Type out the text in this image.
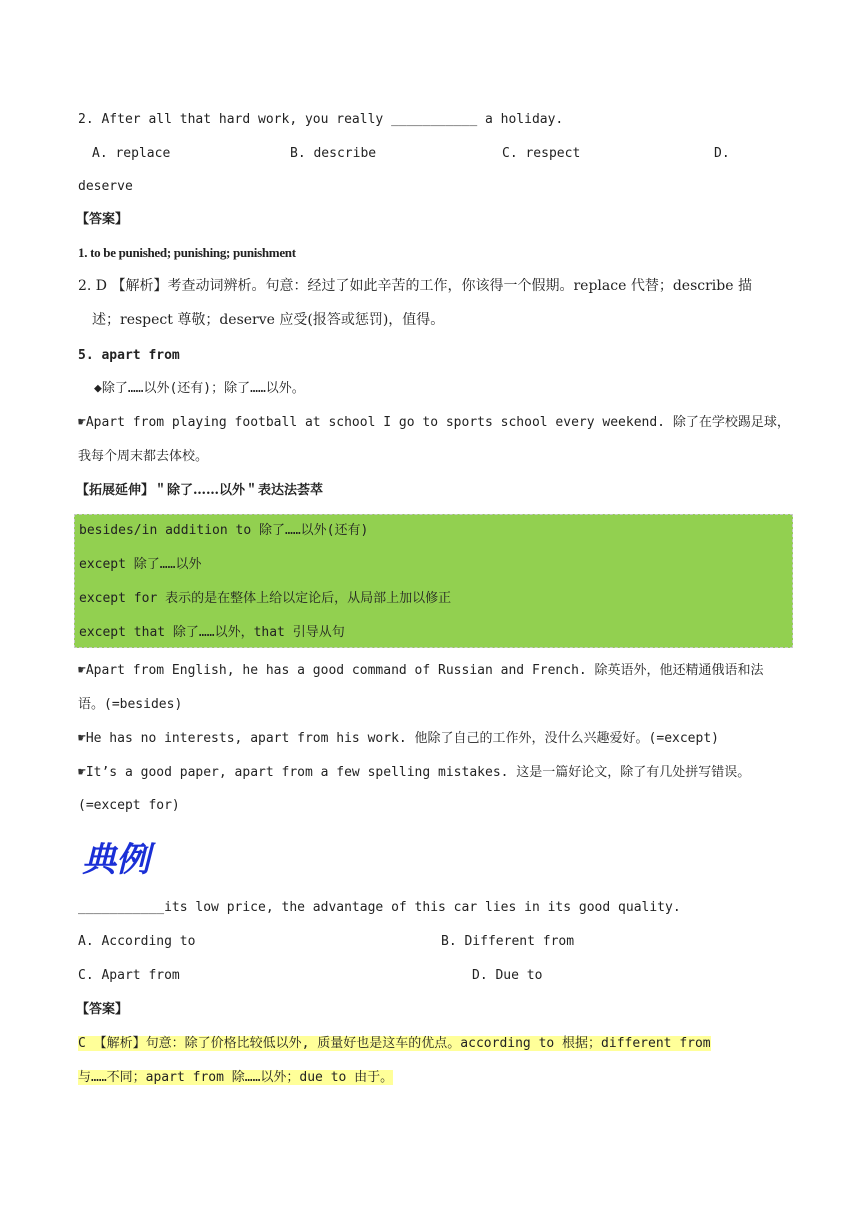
2. After all that hard work, you really ___________ a holiday.
A. replace	B. describe	C. respect	D.
deserve
【答案】
1. to be punished; punishing; punishment
2. D 【解析】考查动词辨析。句意：经过了如此辛苦的工作，你该得一个假期。replace 代替；describe 描
述；respect 尊敬；deserve 应受(报答或惩罚)，值得。
5. apart from
◆除了……以外(还有)；除了……以外。
☛Apart from playing football at school I go to sports school every weekend. 除了在学校踢足球，
我每个周末都去体校。
【拓展延伸】＂除了……以外＂表达法荟萃
besides/in addition to 除了……以外(还有)
except 除了……以外
except for 表示的是在整体上给以定论后，从局部上加以修正
except that 除了……以外，that 引导从句
☛Apart from English, he has a good command of Russian and French. 除英语外，他还精通俄语和法
语。(=besides)
☛He has no interests, apart from his work. 他除了自己的工作外，没什么兴趣爱好。(=except)
☛It’s a good paper, apart from a few spelling mistakes. 这是一篇好论文，除了有几处拼写错误。
(=except for)
典例
___________its low price, the advantage of this car lies in its good quality.
A. According to	B. Different from
C. Apart from	D. Due to
【答案】
C 【解析】句意：除了价格比较低以外, 质量好也是这车的优点。according to 根据；different from
与……不同；apart from 除……以外；due to 由于。
